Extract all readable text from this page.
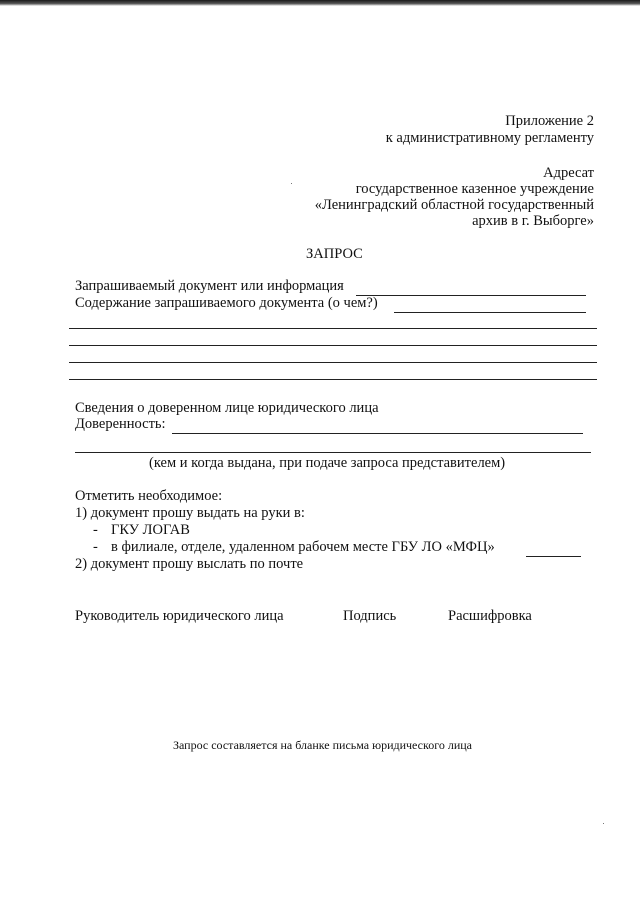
Приложение 2
к административному регламенту
Адресат
государственное казенное учреждение
«Ленинградский областной государственный
архив в г. Выборге»
ЗАПРОС
Запрашиваемый документ или информация
Содержание запрашиваемого документа (о чем?)
Сведения о доверенном лице юридического лица
Доверенность:
(кем и когда выдана, при подаче запроса представителем)
Отметить необходимое:
1) документ прошу выдать на руки в:
- ГКУ ЛОГАВ
- в филиале, отделе, удаленном рабочем месте ГБУ ЛО «МФЦ»
2) документ прошу выслать по почте
Руководитель юридического лица	Подпись	Расшифровка
Запрос составляется на бланке письма юридического лица
